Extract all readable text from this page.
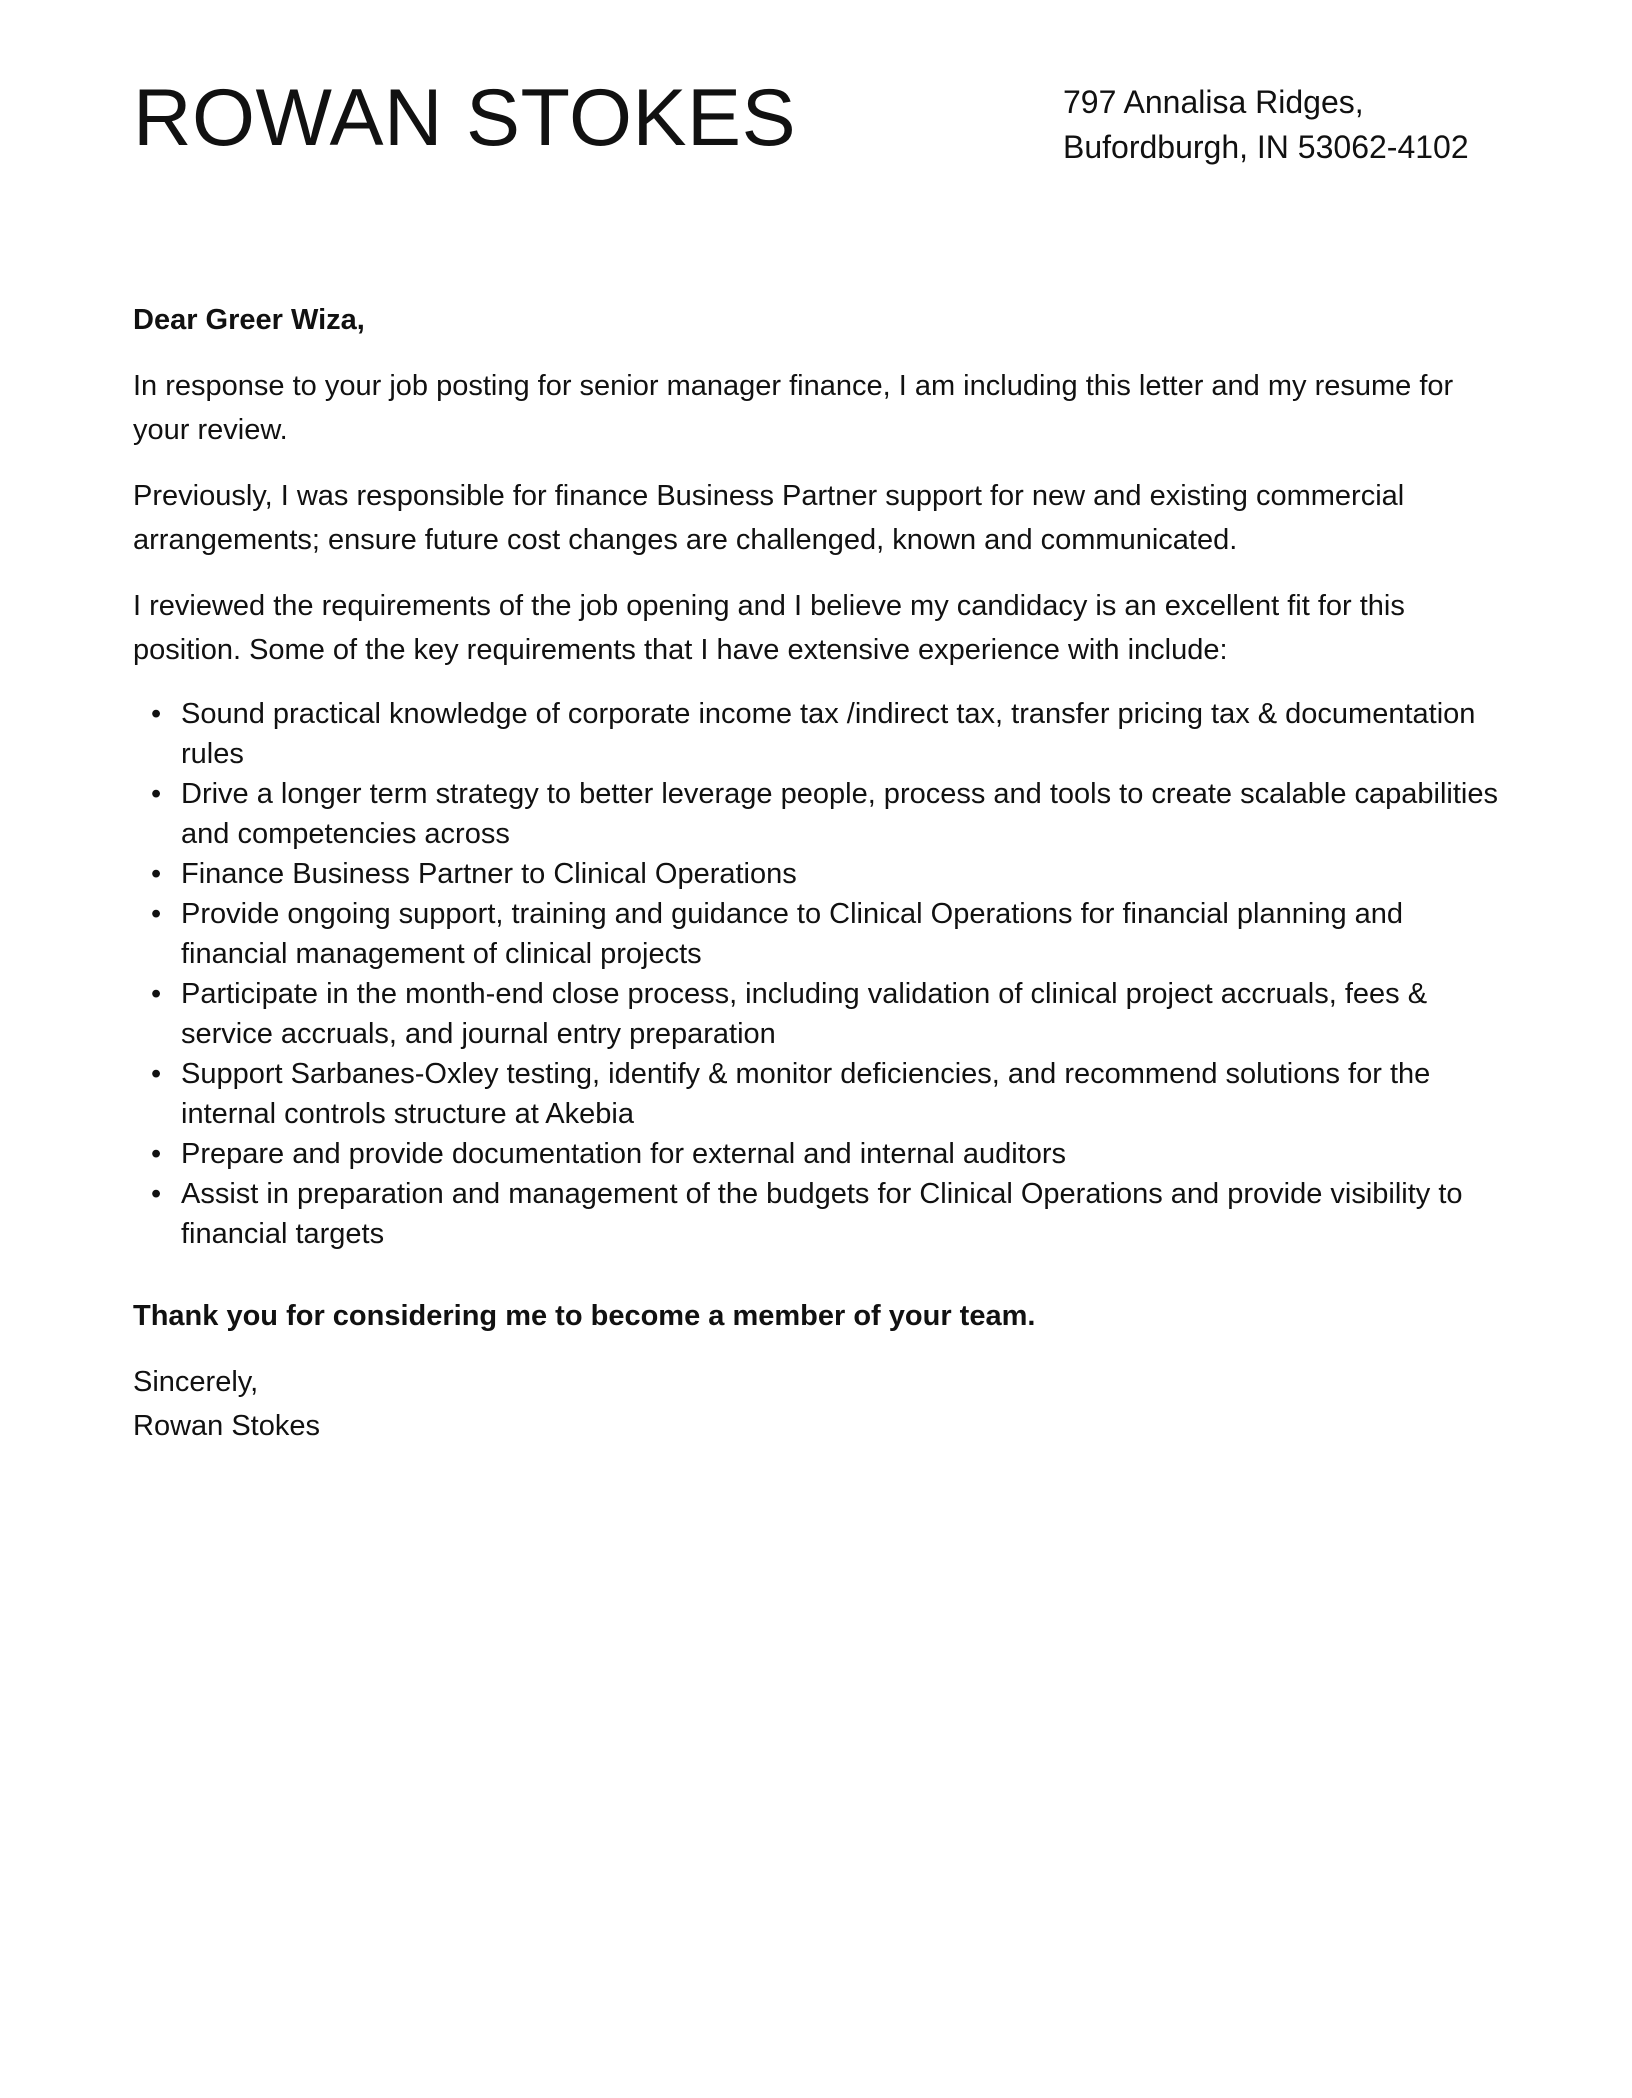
ROWAN STOKES	797 Annalisa Ridges,
Bufordburgh, IN 53062-4102

Dear Greer Wiza,

In response to your job posting for senior manager finance, I am including this letter and my resume for your review.

Previously, I was responsible for finance Business Partner support for new and existing commercial arrangements; ensure future cost changes are challenged, known and communicated.

I reviewed the requirements of the job opening and I believe my candidacy is an excellent fit for this position. Some of the key requirements that I have extensive experience with include:

• Sound practical knowledge of corporate income tax /indirect tax, transfer pricing tax & documentation rules
• Drive a longer term strategy to better leverage people, process and tools to create scalable capabilities and competencies across
• Finance Business Partner to Clinical Operations
• Provide ongoing support, training and guidance to Clinical Operations for financial planning and financial management of clinical projects
• Participate in the month-end close process, including validation of clinical project accruals, fees & service accruals, and journal entry preparation
• Support Sarbanes-Oxley testing, identify & monitor deficiencies, and recommend solutions for the internal controls structure at Akebia
• Prepare and provide documentation for external and internal auditors
• Assist in preparation and management of the budgets for Clinical Operations and provide visibility to financial targets

Thank you for considering me to become a member of your team.

Sincerely,
Rowan Stokes
